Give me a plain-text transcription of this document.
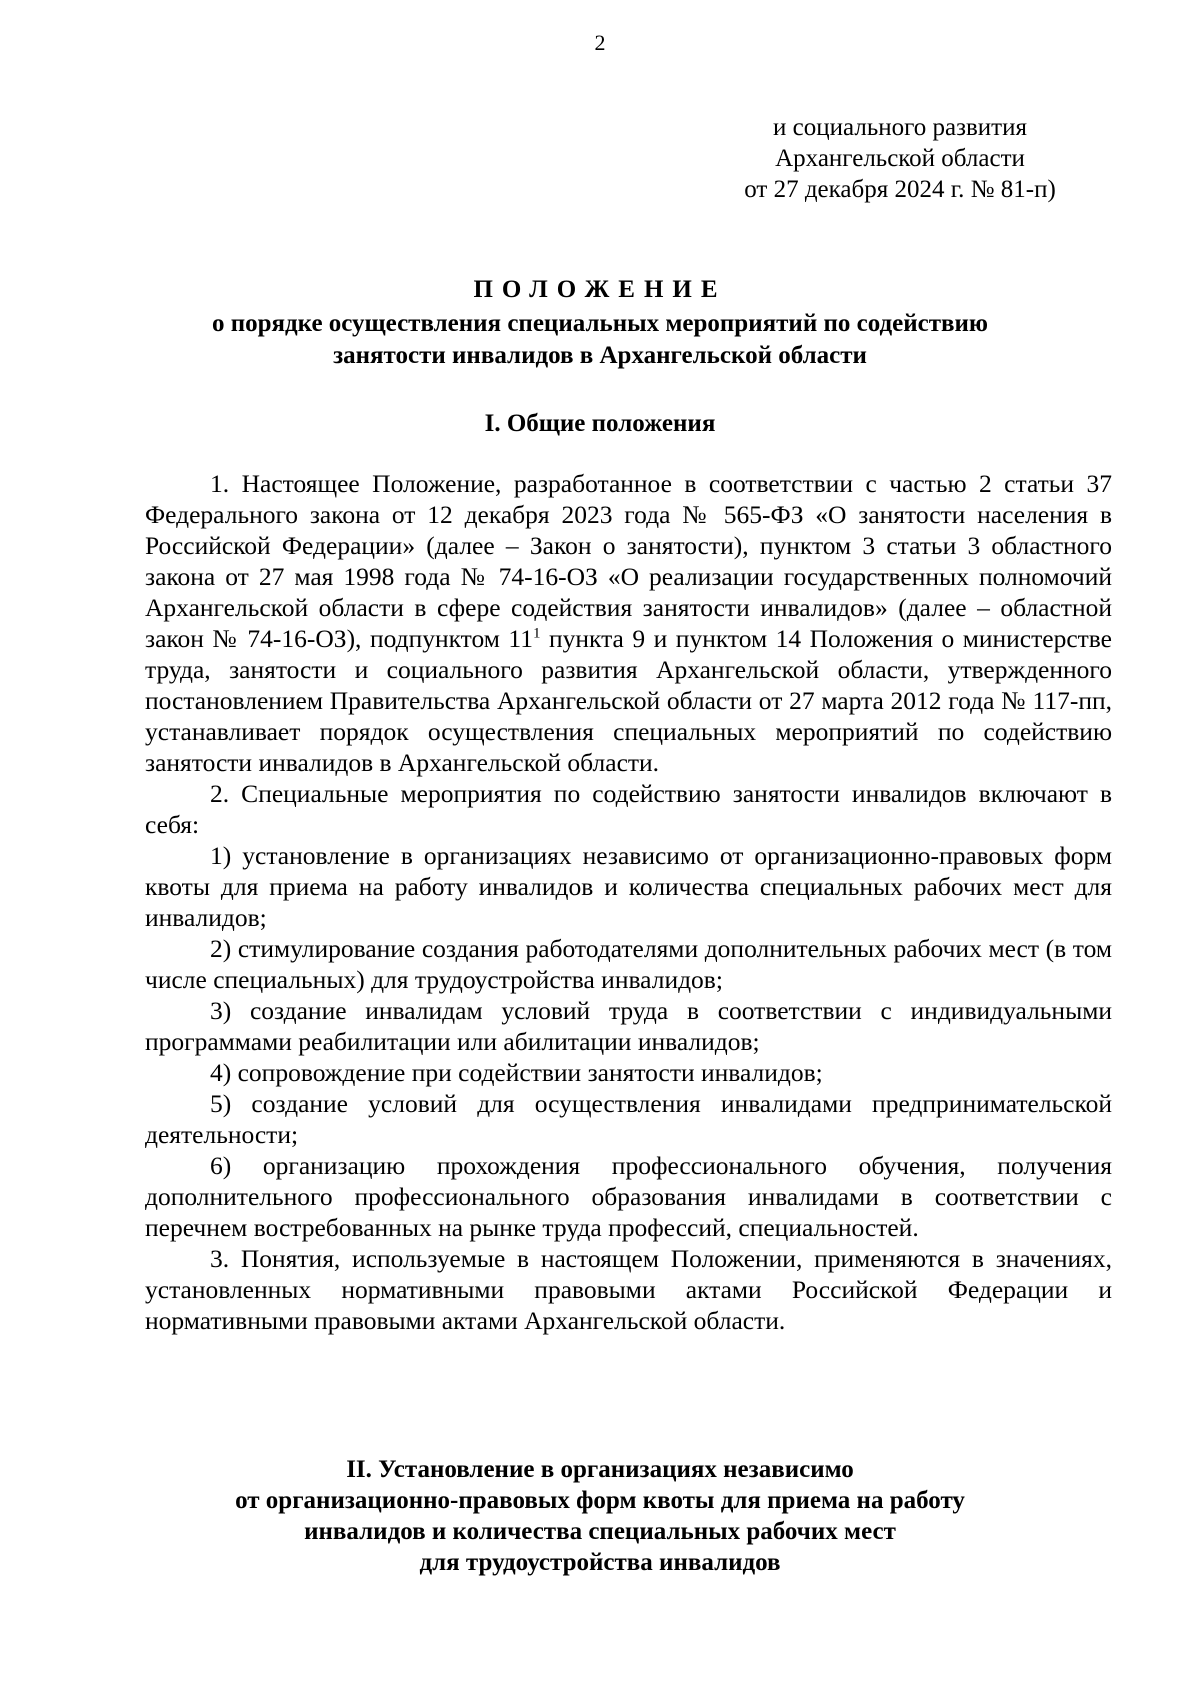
2
и социального развития
Архангельской области
от 27 декабря 2024 г. № 81-п)
ПОЛОЖЕНИЕ
о порядке осуществления специальных мероприятий по содействию
занятости инвалидов в Архангельской области
I. Общие положения

1. Настоящее Положение, разработанное в соответствии с частью 2 статьи 37 Федерального закона от 12 декабря 2023 года № 565-ФЗ «О занятости населения в Российской Федерации» (далее – Закон о занятости), пунктом 3 статьи 3 областного закона от 27 мая 1998 года № 74-16-ОЗ «О реализации государственных полномочий Архангельской области в сфере содействия занятости инвалидов» (далее – областной закон № 74-16-ОЗ), подпунктом $11^1$ пункта 9 и пунктом 14 Положения о министерстве труда, занятости и социального развития Архангельской области, утвержденного постановлением Правительства Архангельской области от 27 марта 2012 года № 117-пп, устанавливает порядок осуществления специальных мероприятий по содействию занятости инвалидов в Архангельской области.

2. Специальные мероприятия по содействию занятости инвалидов включают в себя:

1) установление в организациях независимо от организационно-правовых форм квоты для приема на работу инвалидов и количества специальных рабочих мест для инвалидов;

2) стимулирование создания работодателями дополнительных рабочих мест (в том числе специальных) для трудоустройства инвалидов;

3) создание инвалидам условий труда в соответствии с индивидуальными программами реабилитации или абилитации инвалидов;

4) сопровождение при содействии занятости инвалидов;

5) создание условий для осуществления инвалидами предпринимательской деятельности;

6) организацию прохождения профессионального обучения, получения дополнительного профессионального образования инвалидами в соответствии с перечнем востребованных на рынке труда профессий, специальностей.

3. Понятия, используемые в настоящем Положении, применяются в значениях, установленных нормативными правовыми актами Российской Федерации и нормативными правовыми актами Архангельской области.

II. Установление в организациях независимо
от организационно-правовых форм квоты для приема на работу
инвалидов и количества специальных рабочих мест
для трудоустройства инвалидов
